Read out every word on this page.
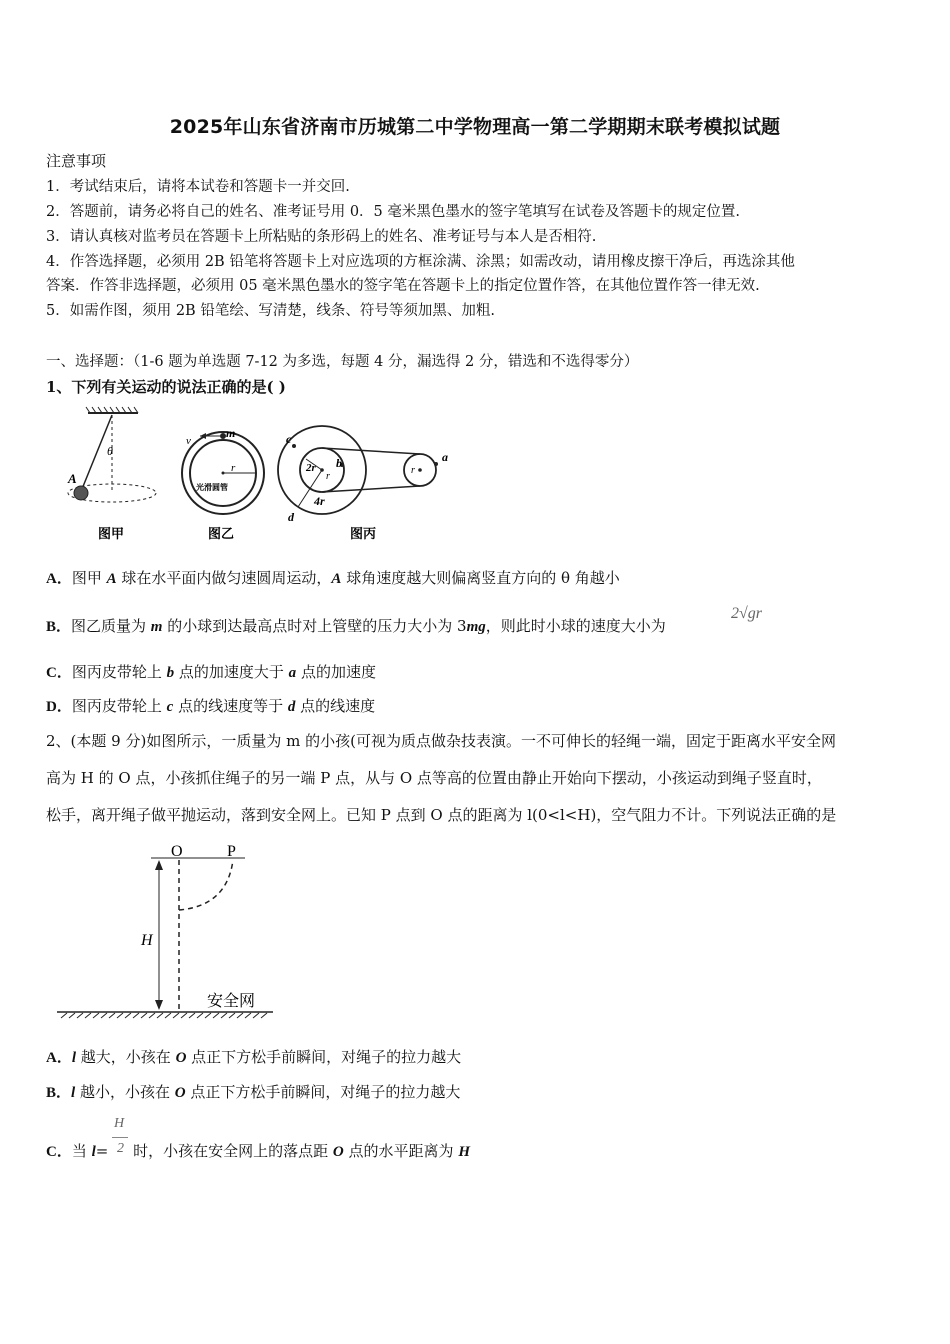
2025年山东省济南市历城第二中学物理高一第二学期期末联考模拟试题
注意事项
1．考试结束后，请将本试卷和答题卡一并交回.
2．答题前，请务必将自己的姓名、准考证号用 0．5 毫米黑色墨水的签字笔填写在试卷及答题卡的规定位置.
3．请认真核对监考员在答题卡上所粘贴的条形码上的姓名、准考证号与本人是否相符.
4．作答选择题，必须用 2B 铅笔将答题卡上对应选项的方框涂满、涂黑；如需改动，请用橡皮擦干净后，再选涂其他
答案．作答非选择题，必须用 05 毫米黑色墨水的签字笔在答题卡上的指定位置作答，在其他位置作答一律无效.
5．如需作图，须用 2B 铅笔绘、写清楚，线条、符号等须加黑、加粗.
一、选择题：（1-6 题为单选题 7-12 为多选，每题 4 分，漏选得 2 分，错选和不选得零分）
1、下列有关运动的说法正确的是( )
θ
A
图甲
v
m
r
光滑圆管
图乙
c
b
2r
r
4r
d
a
r
图丙
A．图甲 A 球在水平面内做匀速圆周运动，A 球角速度越大则偏离竖直方向的 θ 角越小
B．图乙质量为 m 的小球到达最高点时对上管壁的压力大小为 3mg，则此时小球的速度大小为
2√gr
C．图丙皮带轮上 b 点的加速度大于 a 点的加速度
D．图丙皮带轮上 c 点的线速度等于 d 点的线速度
2、(本题 9 分)如图所示，一质量为 m 的小孩(可视为质点做杂技表演。一不可伸长的轻绳一端，固定于距离水平安全网
高为 H 的 O 点，小孩抓住绳子的另一端 P 点，从与 O 点等高的位置由静止开始向下摆动，小孩运动到绳子竖直时，
松手，离开绳子做平抛运动，落到安全网上。已知 P 点到 O 点的距离为 l(0<l<H)，空气阻力不计。下列说法正确的是
O	P
H
安全网
A．l 越大，小孩在 O 点正下方松手前瞬间，对绳子的拉力越大
B．l 越小，小孩在 O 点正下方松手前瞬间，对绳子的拉力越大
C．当 l= 时，小孩在安全网上的落点距 O 点的水平距离为 H
H
2
